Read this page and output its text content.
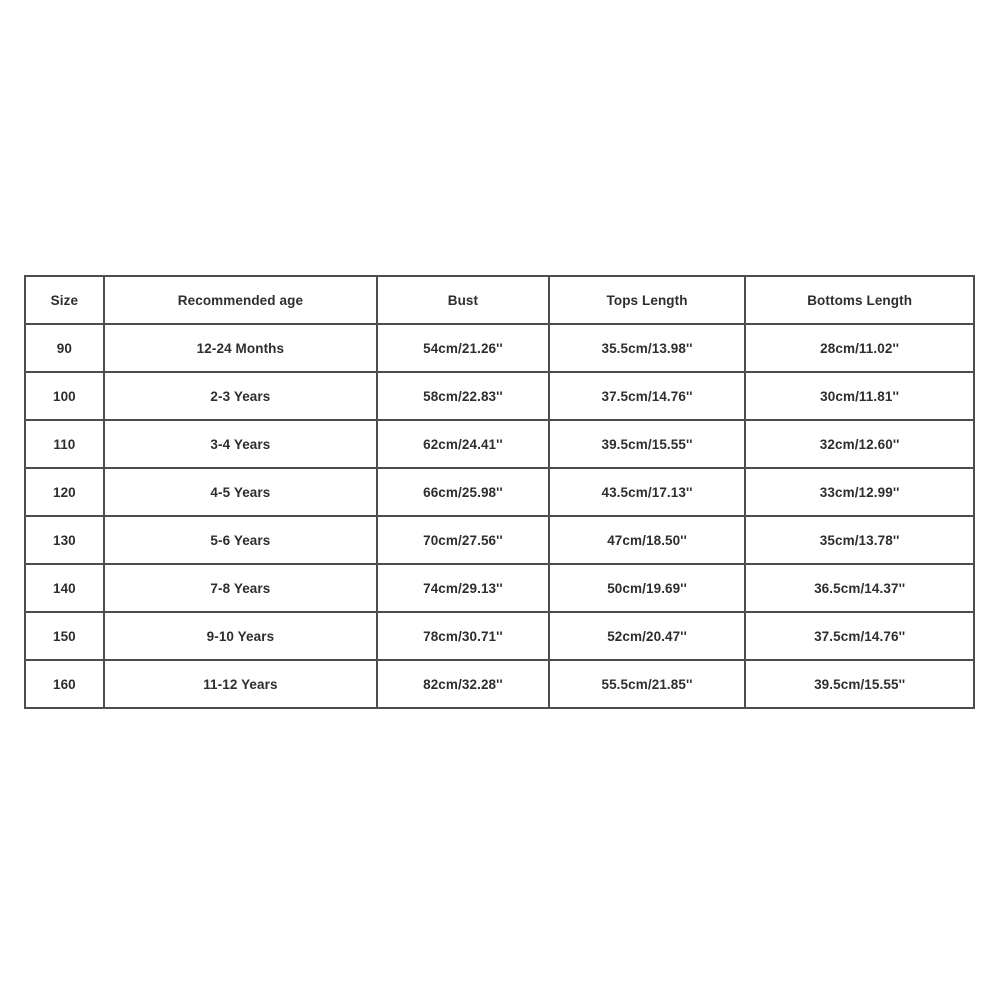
Size	Recommended age	Bust	Tops Length	Bottoms Length
90	12-24 Months	54cm/21.26''	35.5cm/13.98''	28cm/11.02''
100	2-3 Years	58cm/22.83''	37.5cm/14.76''	30cm/11.81''
110	3-4 Years	62cm/24.41''	39.5cm/15.55''	32cm/12.60''
120	4-5 Years	66cm/25.98''	43.5cm/17.13''	33cm/12.99''
130	5-6 Years	70cm/27.56''	47cm/18.50''	35cm/13.78''
140	7-8 Years	74cm/29.13''	50cm/19.69''	36.5cm/14.37''
150	9-10 Years	78cm/30.71''	52cm/20.47''	37.5cm/14.76''
160	11-12 Years	82cm/32.28''	55.5cm/21.85''	39.5cm/15.55''
